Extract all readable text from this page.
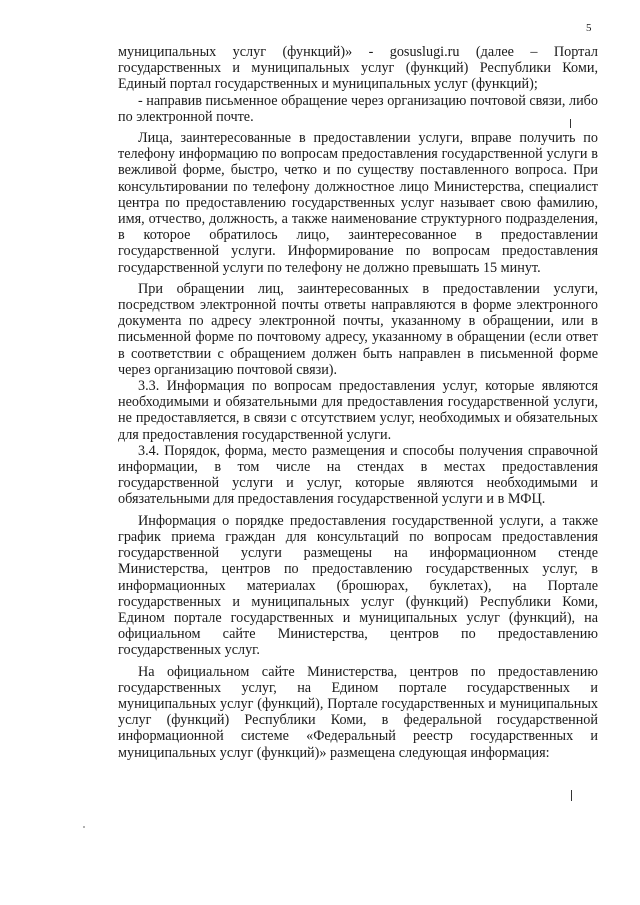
5

муниципальных услуг (функций)» - gosuslugi.ru (далее – Портал государственных и муниципальных услуг (функций) Республики Коми, Единый портал государственных и муниципальных услуг (функций);

- направив письменное обращение через организацию почтовой связи, либо по электронной почте.

Лица, заинтересованные в предоставлении услуги, вправе получить по телефону информацию по вопросам предоставления государственной услуги в вежливой форме, быстро, четко и по существу поставленного вопроса. При консультировании по телефону должностное лицо Министерства, специалист центра по предоставлению государственных услуг называет свою фамилию, имя, отчество, должность, а также наименование структурного подразделения, в которое обратилось лицо, заинтересованное в предоставлении государственной услуги. Информирование по вопросам предоставления государственной услуги по телефону не должно превышать 15 минут.

При обращении лиц, заинтересованных в предоставлении услуги, посредством электронной почты ответы направляются в форме электронного документа по адресу электронной почты, указанному в обращении, или в письменной форме по почтовому адресу, указанному в обращении (если ответ в соответствии с обращением должен быть направлен в письменной форме через организацию почтовой связи).

3.3. Информация по вопросам предоставления услуг, которые являются необходимыми и обязательными для предоставления государственной услуги, не предоставляется, в связи с отсутствием услуг, необходимых и обязательных для предоставления государственной услуги.

3.4. Порядок, форма, место размещения и способы получения справочной информации, в том числе на стендах в местах предоставления государственной услуги и услуг, которые являются необходимыми и обязательными для предоставления государственной услуги и в МФЦ.

Информация о порядке предоставления государственной услуги, а также график приема граждан для консультаций по вопросам предоставления государственной услуги размещены на информационном стенде Министерства, центров по предоставлению государственных услуг, в информационных материалах (брошюрах, буклетах), на Портале государственных и муниципальных услуг (функций) Республики Коми, Едином портале государственных и муниципальных услуг (функций), на официальном сайте Министерства, центров по предоставлению государственных услуг.

На официальном сайте Министерства, центров по предоставлению государственных услуг, на Едином портале государственных и муниципальных услуг (функций), Портале государственных и муниципальных услуг (функций) Республики Коми, в федеральной государственной информационной системе «Федеральный реестр государственных и муниципальных услуг (функций)» размещена следующая информация:
